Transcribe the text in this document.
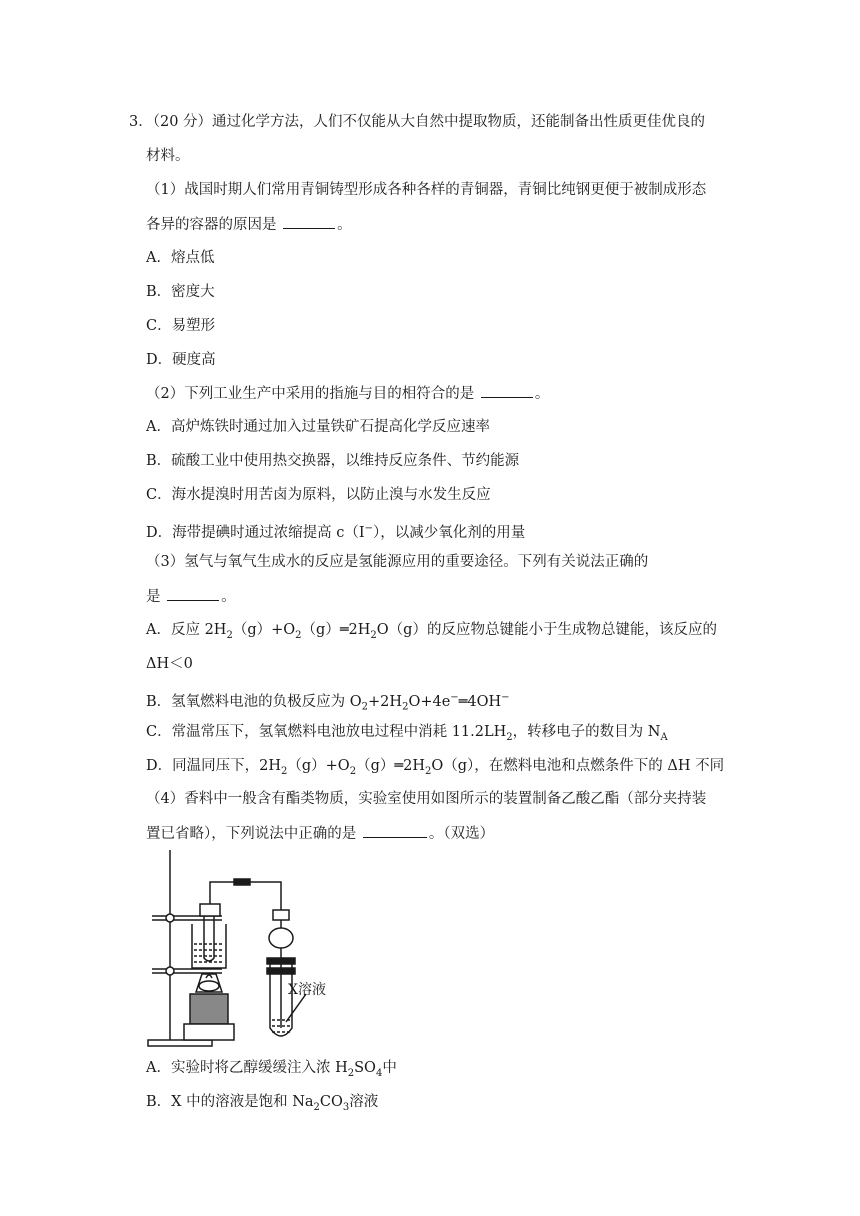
3．（20 分）通过化学方法，人们不仅能从大自然中提取物质，还能制备出性质更佳优良的
材料。
（1）战国时期人们常用青铜铸型形成各种各样的青铜器，青铜比纯钢更便于被制成形态
各异的容器的原因是	。
A．熔点低
B．密度大
C．易塑形
D．硬度高
（2）下列工业生产中采用的指施与目的相符合的是	。
A．高炉炼铁时通过加入过量铁矿石提高化学反应速率
B．硫酸工业中使用热交换器，以维持反应条件、节约能源
C．海水提溴时用苦卤为原料，以防止溴与水发生反应
D．海带提碘时通过浓缩提高 c（I−），以减少氧化剂的用量
（3）氢气与氧气生成水的反应是氢能源应用的重要途径。下列有关说法正确的
是	。
A．反应 $2H_2(g)+O_2(g)═2H_2O(g)$的反应物总键能小于生成物总键能，该反应的
ΔH＜0
B．氢氧燃料电池的负极反应为 $O_2+2H_2O+4e^-═4OH^-$
C．常温常压下，氢氧燃料电池放电过程中消耗 $11.2LH_2$，转移电子的数目为 $N_A$
D．同温同压下，$2H_2(g)+O_2(g)═2H_2O(g)$，在燃料电池和点燃条件下的 ΔH 不同
（4）香料中一般含有酯类物质，实验室使用如图所示的装置制备乙酸乙酯（部分夹持装
置已省略），下列说法中正确的是	。（双选）
X溶液
A．实验时将乙醇缓缓注入浓 $H_2SO_4$中
B．X 中的溶液是饱和 $Na_2CO_3$溶液
